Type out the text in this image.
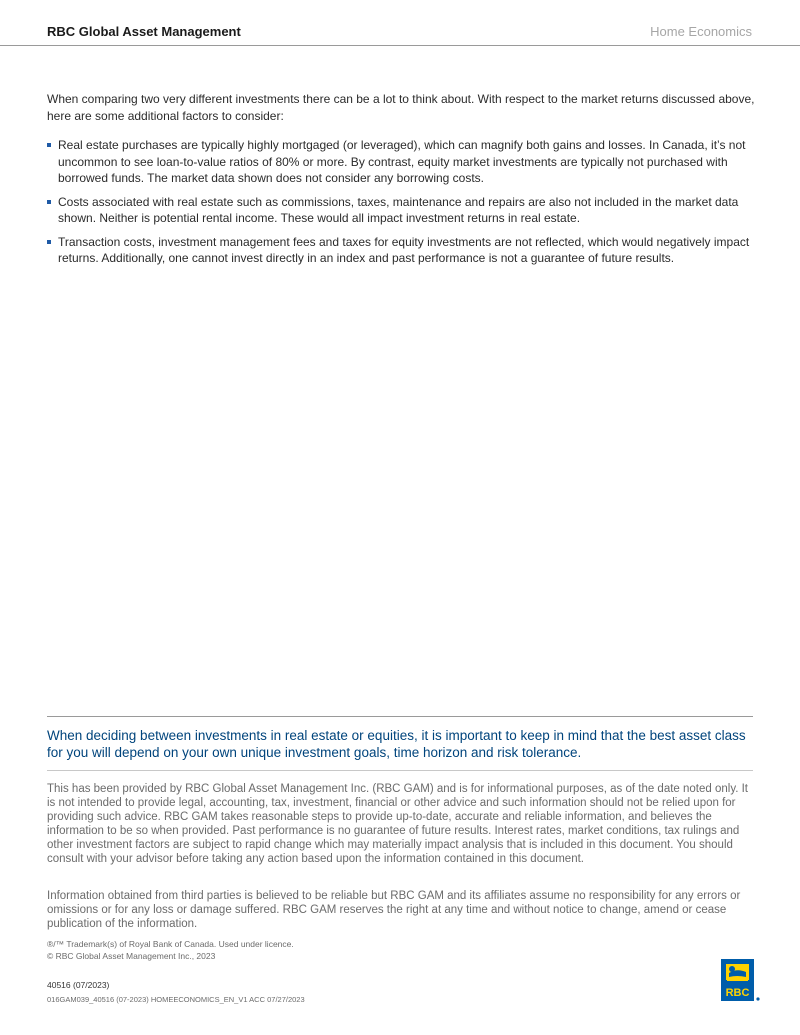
RBC Global Asset Management	Home Economics

When comparing two very different investments there can be a lot to think about. With respect to the market returns discussed above, here are some additional factors to consider:

Real estate purchases are typically highly mortgaged (or leveraged), which can magnify both gains and losses. In Canada, it’s not uncommon to see loan-to-value ratios of 80% or more. By contrast, equity market investments are typically not purchased with borrowed funds. The market data shown does not consider any borrowing costs.
Costs associated with real estate such as commissions, taxes, maintenance and repairs are also not included in the market data shown. Neither is potential rental income. These would all impact investment returns in real estate.
Transaction costs, investment management fees and taxes for equity investments are not reflected, which would negatively impact returns. Additionally, one cannot invest directly in an index and past performance is not a guarantee of future results.

When deciding between investments in real estate or equities, it is important to keep in mind that the best asset class for you will depend on your own unique investment goals, time horizon and risk tolerance.

This has been provided by RBC Global Asset Management Inc. (RBC GAM) and is for informational purposes, as of the date noted only. It is not intended to provide legal, accounting, tax, investment, financial or other advice and such information should not be relied upon for providing such advice. RBC GAM takes reasonable steps to provide up-to-date, accurate and reliable information, and believes the information to be so when provided. Past performance is no guarantee of future results. Interest rates, market conditions, tax rulings and other investment factors are subject to rapid change which may materially impact analysis that is included in this document. You should consult with your advisor before taking any action based upon the information contained in this document.

Information obtained from third parties is believed to be reliable but RBC GAM and its affiliates assume no responsibility for any errors or omissions or for any loss or damage suffered. RBC GAM reserves the right at any time and without notice to change, amend or cease publication of the information.

®/™ Trademark(s) of Royal Bank of Canada. Used under licence.
© RBC Global Asset Management Inc., 2023
40516 (07/2023)
016GAM039_40516 (07-2023) HOMEECONOMICS_EN_V1 ACC 07/27/2023
RBC
